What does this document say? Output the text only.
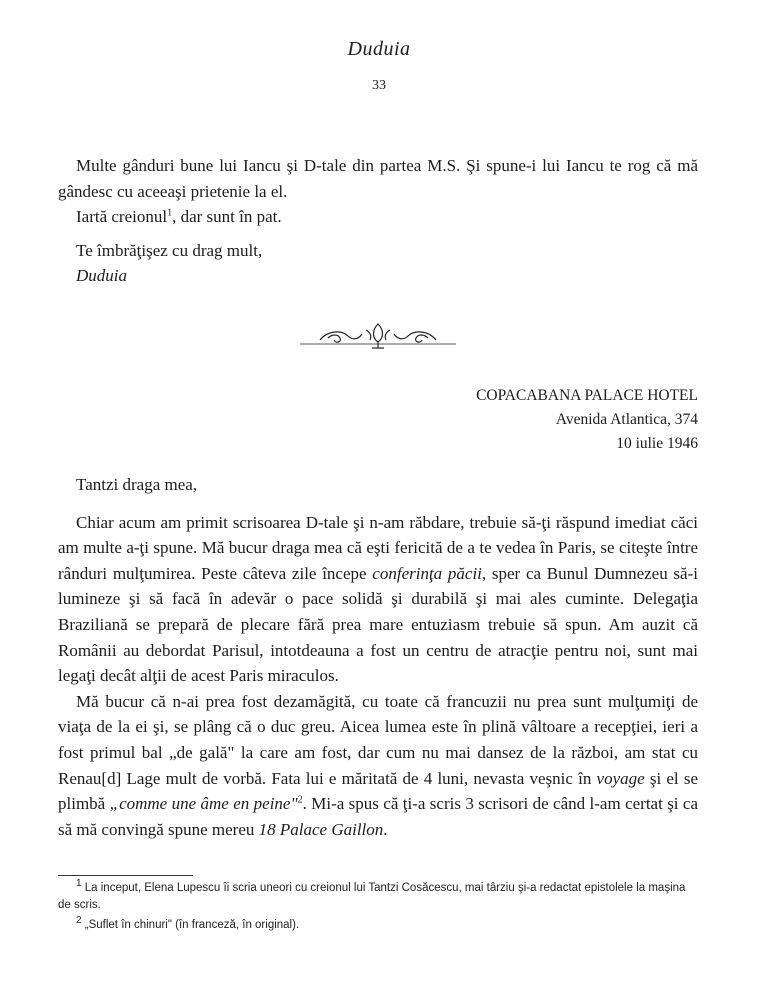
Duduia
33

Multe gânduri bune lui Iancu şi D-tale din partea M.S. Şi spune-i lui Iancu te rog că mă gândesc cu aceeaşi prietenie la el.

Iartă creionul$^1$, dar sunt în pat.

Te îmbrăţişez cu drag mult,

Duduia

COPACABANA PALACE HOTEL
Avenida Atlantica, 374
10 iulie 1946

Tantzi draga mea,

Chiar acum am primit scrisoarea D-tale şi n-am răbdare, trebuie să-ţi răspund imediat căci am multe a-ţi spune. Mă bucur draga mea că eşti fericită de a te vedea în Paris, se citeşte între rânduri mulţumirea. Peste câteva zile începe conferinţa păcii, sper ca Bunul Dumnezeu să-i lumineze şi să facă în adevăr o pace solidă şi durabilă şi mai ales cuminte. Delegaţia Braziliană se prepară de plecare fără prea mare entuziasm trebuie să spun. Am auzit că Românii au debordat Parisul, intotdeauna a fost un centru de atracţie pentru noi, sunt mai legaţi decât alţii de acest Paris miraculos.

Mă bucur că n-ai prea fost dezamăgită, cu toate că francuzii nu prea sunt mulţumiţi de viaţa de la ei şi, se plâng că o duc greu. Aicea lumea este în plină vâltoare a recepţiei, ieri a fost primul bal „de gală" la care am fost, dar cum nu mai dansez de la război, am stat cu Renau[d] Lage mult de vorbă. Fata lui e măritată de 4 luni, nevasta veşnic în voyage şi el se plimbă „comme une âme en peine"$^2$. Mi-a spus că ţi-a scris 3 scrisori de când l-am certat şi ca să mă convingă spune mereu 18 Palace Gaillon.

$^1$ La inceput, Elena Lupescu îi scria uneori cu creionul lui Tantzi Cosăcescu, mai târziu şi-a redactat epistolele la maşina de scris.
$^2$ „Suflet în chinuri" (în franceză, în original).
